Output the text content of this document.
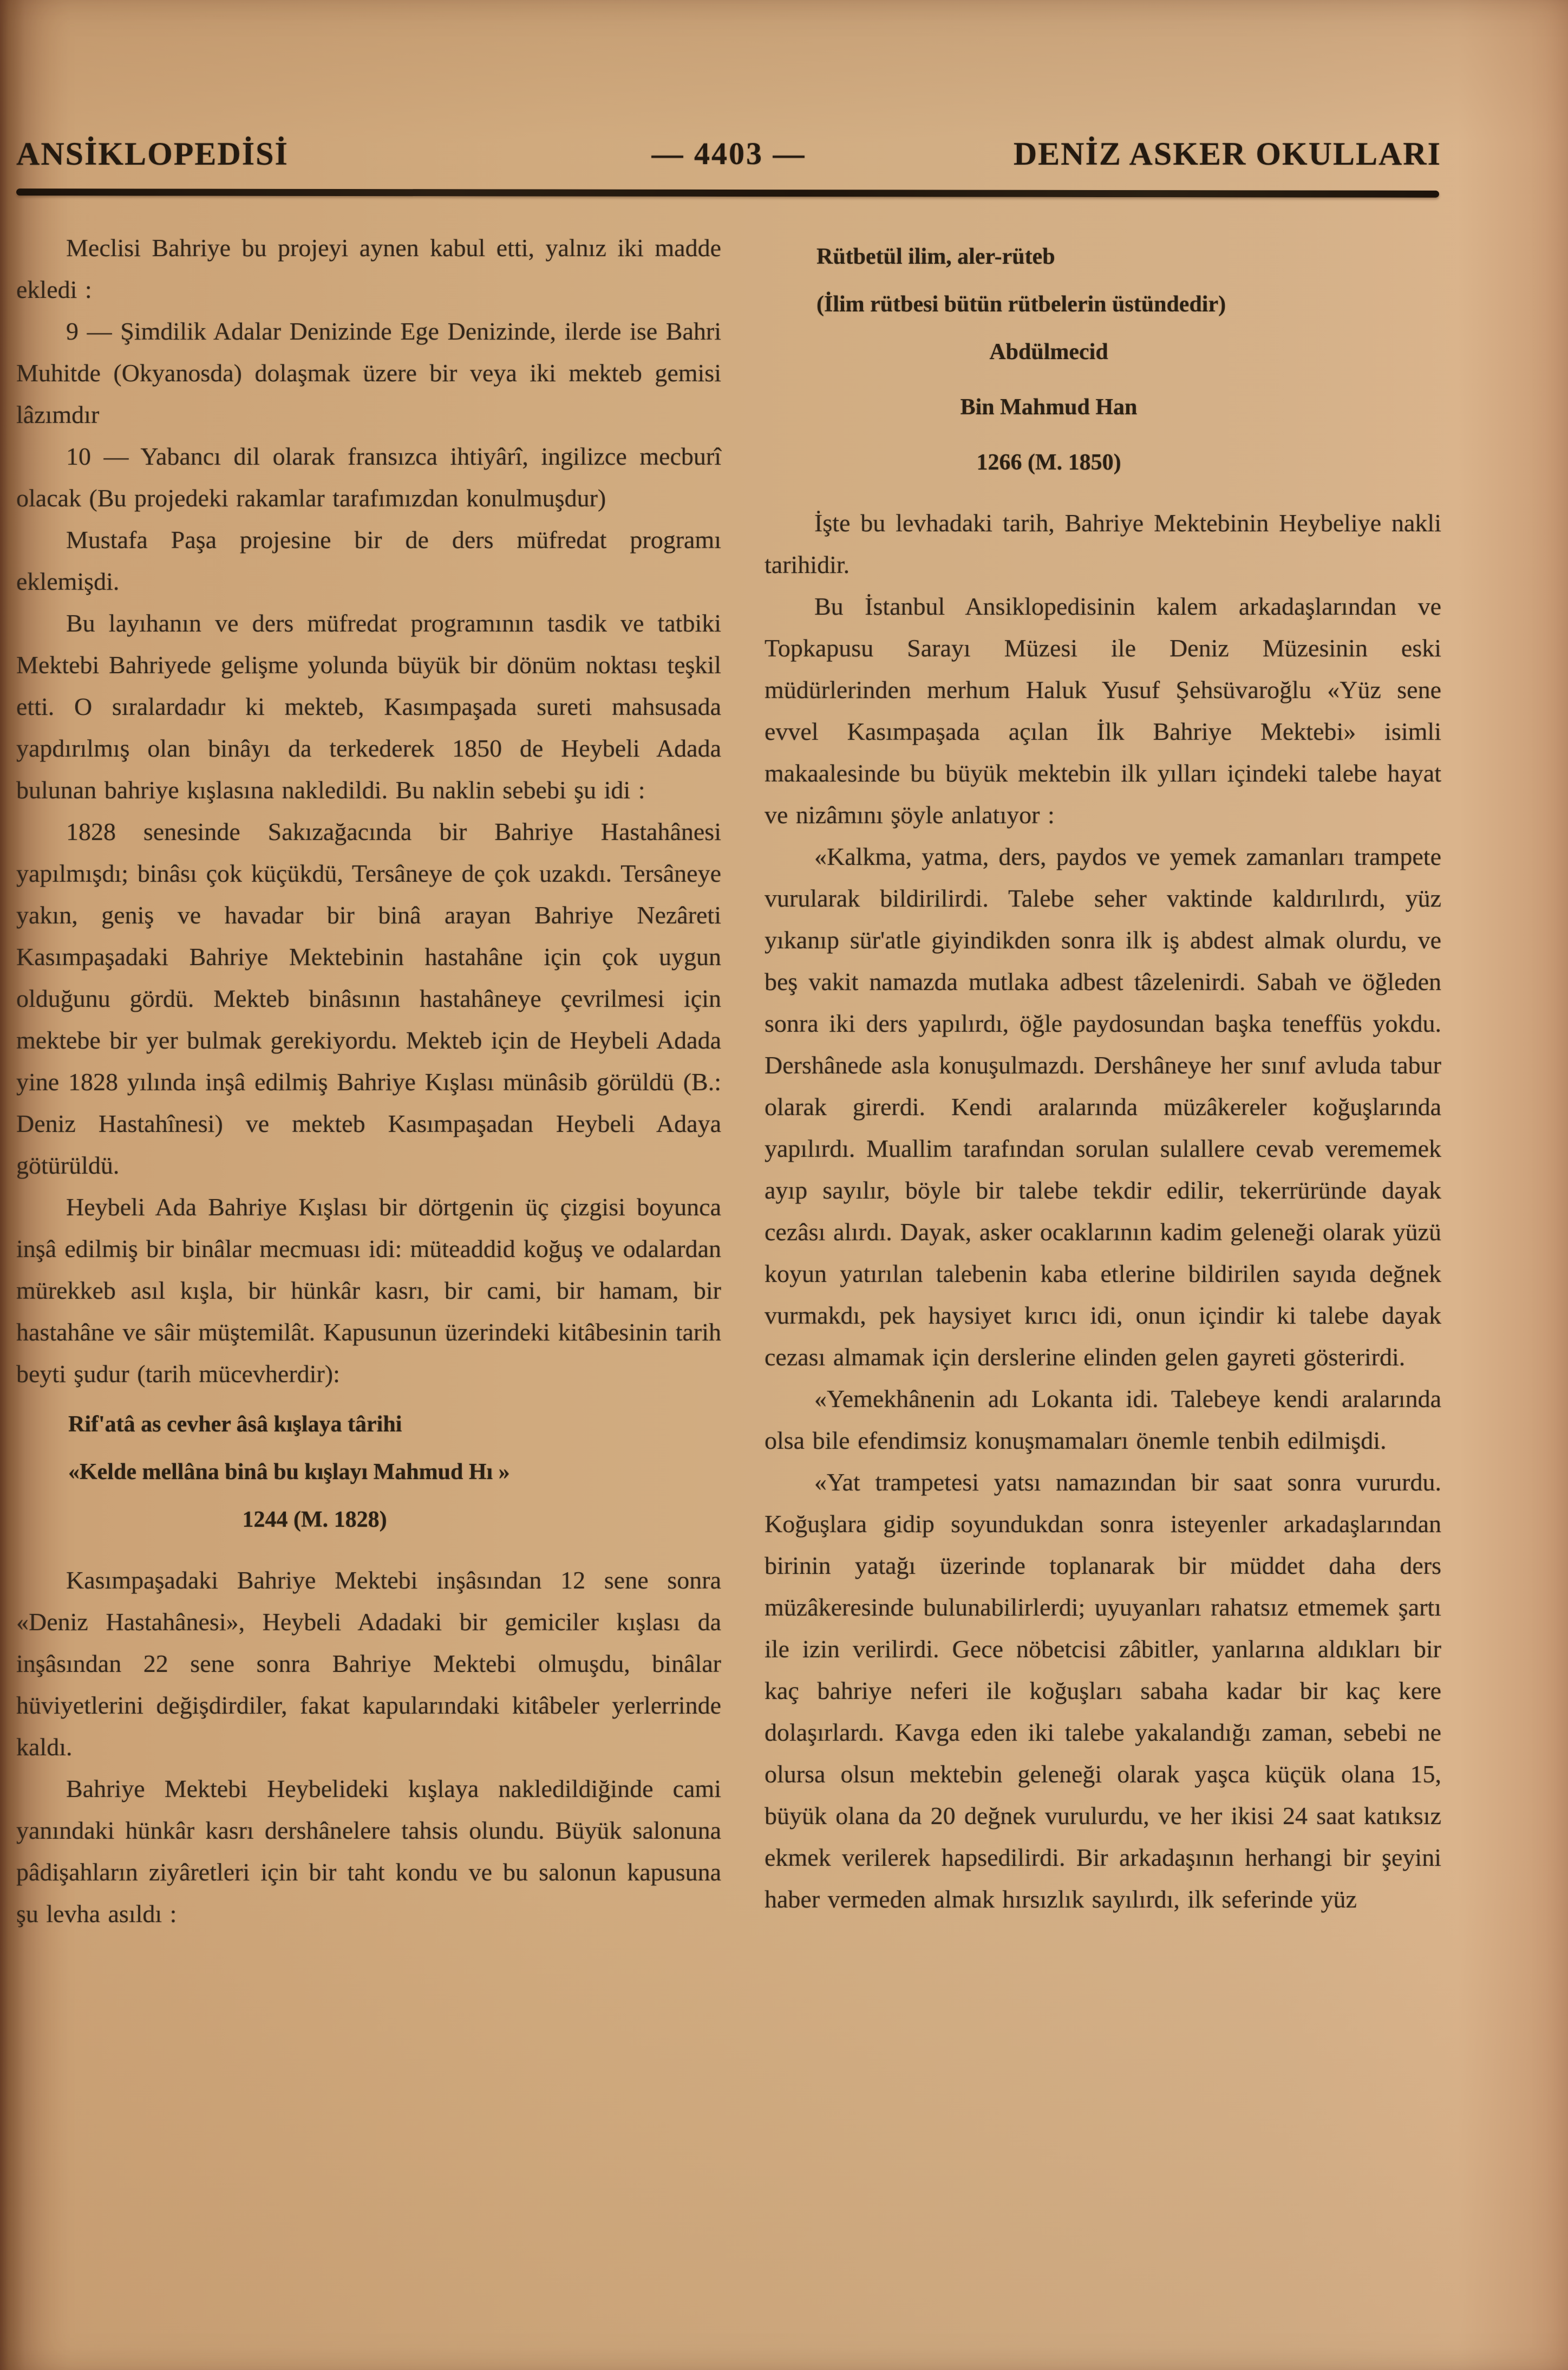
ANSİKLOPEDİSİ	— 4403 —	DENİZ ASKER OKULLARI

Meclisi Bahriye bu projeyi aynen kabul etti, yalnız iki madde ekledi :

9 — Şimdilik Adalar Denizinde Ege Denizinde, ilerde ise Bahri Muhitde (Okyanosda) dolaşmak üzere bir veya iki mekteb gemisi lâzımdır

10 — Yabancı dil olarak fransızca ihtiyârî, ingilizce mecburî olacak (Bu projedeki rakamlar tarafımızdan konulmuşdur)

Mustafa Paşa projesine bir de ders müfredat programı eklemişdi.

Bu layıhanın ve ders müfredat programının tasdik ve tatbiki Mektebi Bahriyede gelişme yolunda büyük bir dönüm noktası teşkil etti. O sıralardadır ki mekteb, Kasımpaşada sureti mahsusada yapdırılmış olan binâyı da terkederek 1850 de Heybeli Adada bulunan bahriye kışlasına nakledildi. Bu naklin sebebi şu idi :

1828 senesinde Sakızağacında bir Bahriye Hastahânesi yapılmışdı; binâsı çok küçükdü, Tersâneye de çok uzakdı. Tersâneye yakın, geniş ve havadar bir binâ arayan Bahriye Nezâreti Kasımpaşadaki Bahriye Mektebinin hastahâne için çok uygun olduğunu gördü. Mekteb binâsının hastahâneye çevrilmesi için mektebe bir yer bulmak gerekiyordu. Mekteb için de Heybeli Adada yine 1828 yılında inşâ edilmiş Bahriye Kışlası münâsib görüldü (B.: Deniz Hastahînesi) ve mekteb Kasımpaşadan Heybeli Adaya götürüldü.

Heybeli Ada Bahriye Kışlası bir dörtgenin üç çizgisi boyunca inşâ edilmiş bir binâlar mecmuası idi: müteaddid koğuş ve odalardan mürekkeb asıl kışla, bir hünkâr kasrı, bir cami, bir hamam, bir hastahâne ve sâir müştemilât. Kapusunun üzerindeki kitâbesinin tarih beyti şudur (tarih mücevherdir):

Rif'atâ as cevher âsâ kışlaya târihi

«Kelde mellâna binâ bu kışlayı Mahmud Hı »

1244 (M. 1828)

Kasımpaşadaki Bahriye Mektebi inşâsından 12 sene sonra «Deniz Hastahânesi», Heybeli Adadaki bir gemiciler kışlası da inşâsından 22 sene sonra Bahriye Mektebi olmuşdu, binâlar hüviyetlerini değişdirdiler, fakat kapularındaki kitâbeler yerlerrinde kaldı.

Bahriye Mektebi Heybelideki kışlaya nakledildiğinde cami yanındaki hünkâr kasrı dershânelere tahsis olundu. Büyük salonuna pâdişahların ziyâretleri için bir taht kondu ve bu salonun kapusuna şu levha asıldı :

Rütbetül ilim, aler-rüteb

(İlim rütbesi bütün rütbelerin üstündedir)

Abdülmecid

Bin Mahmud Han

1266 (M. 1850)

İşte bu levhadaki tarih, Bahriye Mektebinin Heybeliye nakli tarihidir.

Bu İstanbul Ansiklopedisinin kalem arkadaşlarından ve Topkapusu Sarayı Müzesi ile Deniz Müzesinin eski müdürlerinden merhum Haluk Yusuf Şehsüvaroğlu «Yüz sene evvel Kasımpaşada açılan İlk Bahriye Mektebi» isimli makaalesinde bu büyük mektebin ilk yılları içindeki talebe hayat ve nizâmını şöyle anlatıyor :

«Kalkma, yatma, ders, paydos ve yemek zamanları trampete vurularak bildirilirdi. Talebe seher vaktinde kaldırılırdı, yüz yıkanıp sür'atle giyindikden sonra ilk iş abdest almak olurdu, ve beş vakit namazda mutlaka adbest tâzelenirdi. Sabah ve öğleden sonra iki ders yapılırdı, öğle paydosundan başka teneffüs yokdu. Dershânede asla konuşulmazdı. Dershâneye her sınıf avluda tabur olarak girerdi. Kendi aralarında müzâkereler koğuşlarında yapılırdı. Muallim tarafından sorulan sulallere cevab verememek ayıp sayılır, böyle bir talebe tekdir edilir, tekerrüründe dayak cezâsı alırdı. Dayak, asker ocaklarının kadim geleneği olarak yüzü koyun yatırılan talebenin kaba etlerine bildirilen sayıda değnek vurmakdı, pek haysiyet kırıcı idi, onun içindir ki talebe dayak cezası almamak için derslerine elinden gelen gayreti gösterirdi.

«Yemekhânenin adı Lokanta idi. Talebeye kendi aralarında olsa bile efendimsiz konuşmamaları önemle tenbih edilmişdi.

«Yat trampetesi yatsı namazından bir saat sonra vururdu. Koğuşlara gidip soyundukdan sonra isteyenler arkadaşlarından birinin yatağı üzerinde toplanarak bir müddet daha ders müzâkeresinde bulunabilirlerdi; uyuyanları rahatsız etmemek şartı ile izin verilirdi. Gece nöbetcisi zâbitler, yanlarına aldıkları bir kaç bahriye neferi ile koğuşları sabaha kadar bir kaç kere dolaşırlardı. Kavga eden iki talebe yakalandığı zaman, sebebi ne olursa olsun mektebin geleneği olarak yaşca küçük olana 15, büyük olana da 20 değnek vurulurdu, ve her ikisi 24 saat katıksız ekmek verilerek hapsedilirdi. Bir arkadaşının herhangi bir şeyini haber vermeden almak hırsızlık sayılırdı, ilk seferinde yüz
